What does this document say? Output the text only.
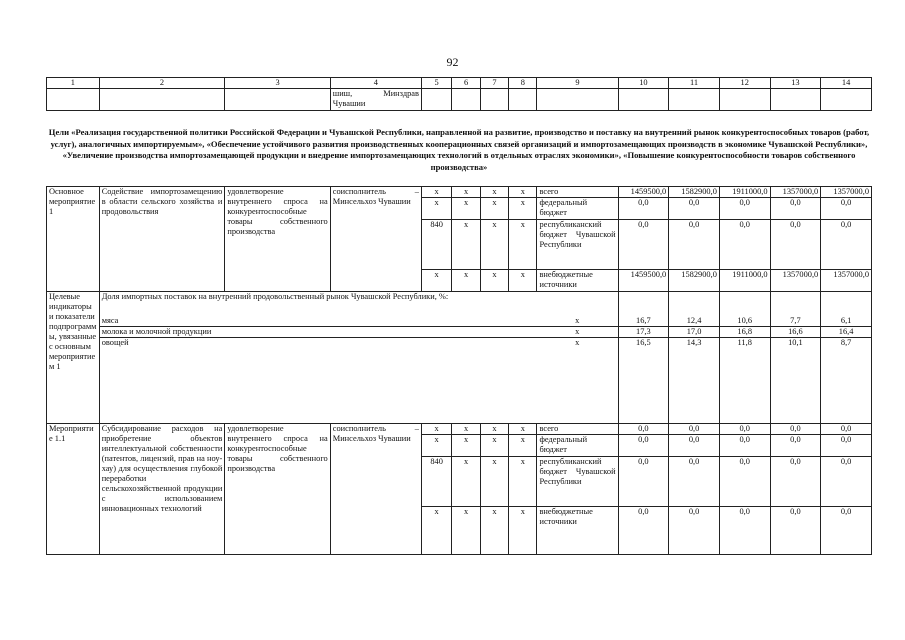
92
1	2	3	4	5	6	7	8	9	10	11	12	13	14
			шиш, Минздрав Чувашии										
Цели «Реализация государственной политики Российской Федерации и Чувашской Республики, направленной на развитие, производство и поставку на внутренний рынок конкурентоспособных товаров (работ, услуг), аналогичных импортируемым», «Обеспечение устойчивого развития производственных кооперационных связей организаций и импортозамещающих производств в экономике Чувашской Республики», «Увеличение производства импортозамещающей продукции и внедрение импортозамещающих технологий в отдельных отраслях экономики», «Повышение конкурентоспособности товаров собственного производства»
Основное мероприятие 1	Содействие импортозамещению в области сельского хозяйства и продовольствия	удовлетворение внутреннего спроса на конкурентоспособные товары собственного производства	соисполнитель – Минсельхоз Чувашии	x	x	x	x	всего	1459500,0	1582900,0	1911000,0	1357000,0	1357000,0
				x	x	x	x	федеральный бюджет	0,0	0,0	0,0	0,0	0,0
				840	x	x	x	республиканский бюджет Чувашской Республики	0,0	0,0	0,0	0,0	0,0
				x	x	x	x	внебюджетные источники	1459500,0	1582900,0	1911000,0	1357000,0	1357000,0
Целевые индикаторы и показатели подпрограммы, увязанные с основным мероприятием 1	Доля импортных поставок на внутренний продовольственный рынок Чувашской Республики, %:												
	мяса							x	16,7	12,4	10,6	7,7	6,1
	молока и молочной продукции							x	17,3	17,0	16,8	16,6	16,4
	овощей							x	16,5	14,3	11,8	10,1	8,7
Мероприятие 1.1	Субсидирование расходов на приобретение объектов интеллектуальной собственности (патентов, лицензий, прав на ноу-хау) для осуществления глубокой переработки сельскохозяйственной продукции с использованием инновационных технологий	удовлетворение внутреннего спроса на конкурентоспособные товары собственного производства	соисполнитель – Минсельхоз Чувашии	x	x	x	x	всего	0,0	0,0	0,0	0,0	0,0
				x	x	x	x	федеральный бюджет	0,0	0,0	0,0	0,0	0,0
				840	x	x	x	республиканский бюджет Чувашской Республики	0,0	0,0	0,0	0,0	0,0
				x	x	x	x	внебюджетные источники	0,0	0,0	0,0	0,0	0,0
